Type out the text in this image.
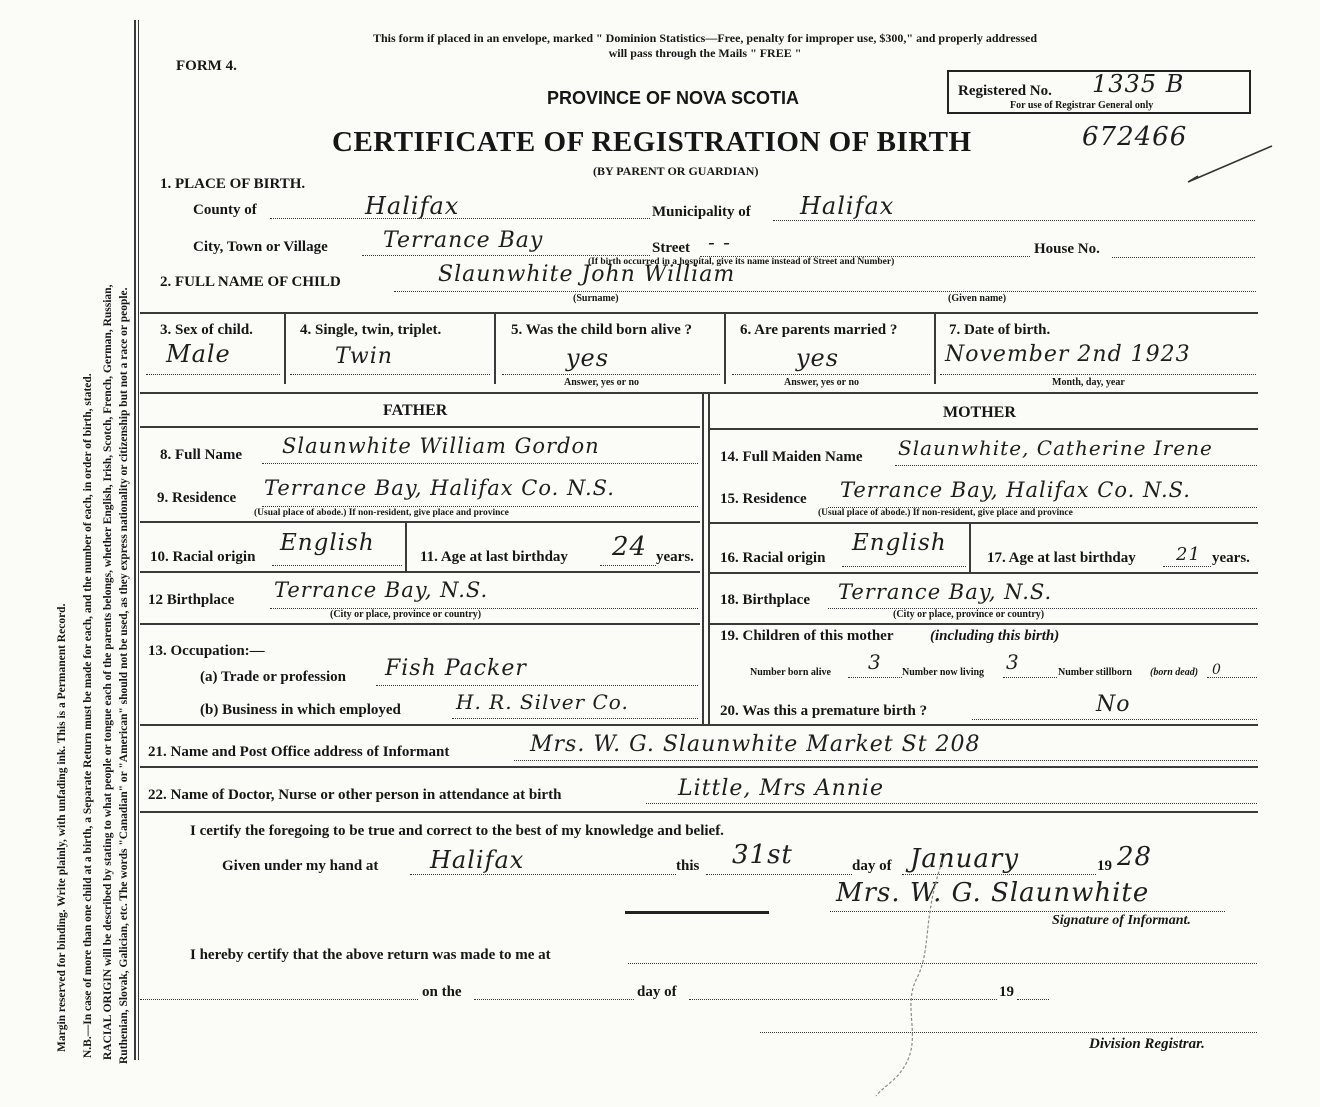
Margin reserved for binding. Write plainly, with unfading ink. This is a Permanent Record. N.B.—In case of more than one child at a birth, a Separate Return must be made for each, and the number of each, in order of birth, stated. RACIAL ORIGIN will be described by stating to what people or tongue each of the parents belongs, whether English, Irish, Scotch, French, German, Russian, Ruthenian, Slovak, Galician, etc. The words "Canadian" or "American" should not be used, as they express nationality or citizenship but not a race or people.
This form if placed in an envelope, marked " Dominion Statistics—Free, penalty for improper use, $300," and properly addressed
will pass through the Mails " FREE "
FORM 4.
PROVINCE OF NOVA SCOTIA
CERTIFICATE OF REGISTRATION OF BIRTH
(BY PARENT OR GUARDIAN)
Registered No. 1335 B
For use of Registrar General only
672466
1. PLACE OF BIRTH.
County of	Halifax	Municipality of Halifax
City, Town or Village	Terrance Bay	Street - -
(If birth occurred in a hospital, give its name instead of Street and Number)
House No.
2. FULL NAME OF CHILD	Slaunwhite John William
(Surname)	(Given name)
3. Sex of child.
Male
4. Single, twin, triplet.
Twin
5. Was the child born alive ?
yes
Answer, yes or no
6. Are parents married ?
yes
Answer, yes or no
7. Date of birth.
November 2nd 1923
Month, day, year
FATHER	MOTHER
8. Full Name Slaunwhite William Gordon
9. Residence Terrance Bay, Halifax Co. N.S.
(Usual place of abode.) If non-resident, give place and province
10. Racial origin
English
11. Age at last birthday 24 years.
12 Birthplace Terrance Bay, N.S.
(City or place, province or country)
13. Occupation:—
(a) Trade or profession Fish Packer
(b) Business in which employed	H. R. Silver Co.
14. Full Maiden Name Slaunwhite, Catherine Irene
15. Residence Terrance Bay, Halifax Co. N.S.
(Usual place of abode.) If non-resident, give place and province
16. Racial origin
English
17. Age at last birthday 21 years.
18. Birthplace Terrance Bay, N.S.
(City or place, province or country)
19. Children of this mother (including this birth)
Number born alive 3 Number now living 3	Number stillborn (born dead) 0
20. Was this a premature birth ?	No
21. Name and Post Office address of Informant	Mrs. W. G. Slaunwhite Market St 208
22. Name of Doctor, Nurse or other person in attendance at birth	Little, Mrs Annie
I certify the foregoing to be true and correct to the best of my knowledge and belief.
Given under my hand at Halifax	this 31st	day of January	19 28
Mrs. W. G. Slaunwhite
Signature of Informant.
I hereby certify that the above return was made to me at
on the	day of	19
Division Registrar.
